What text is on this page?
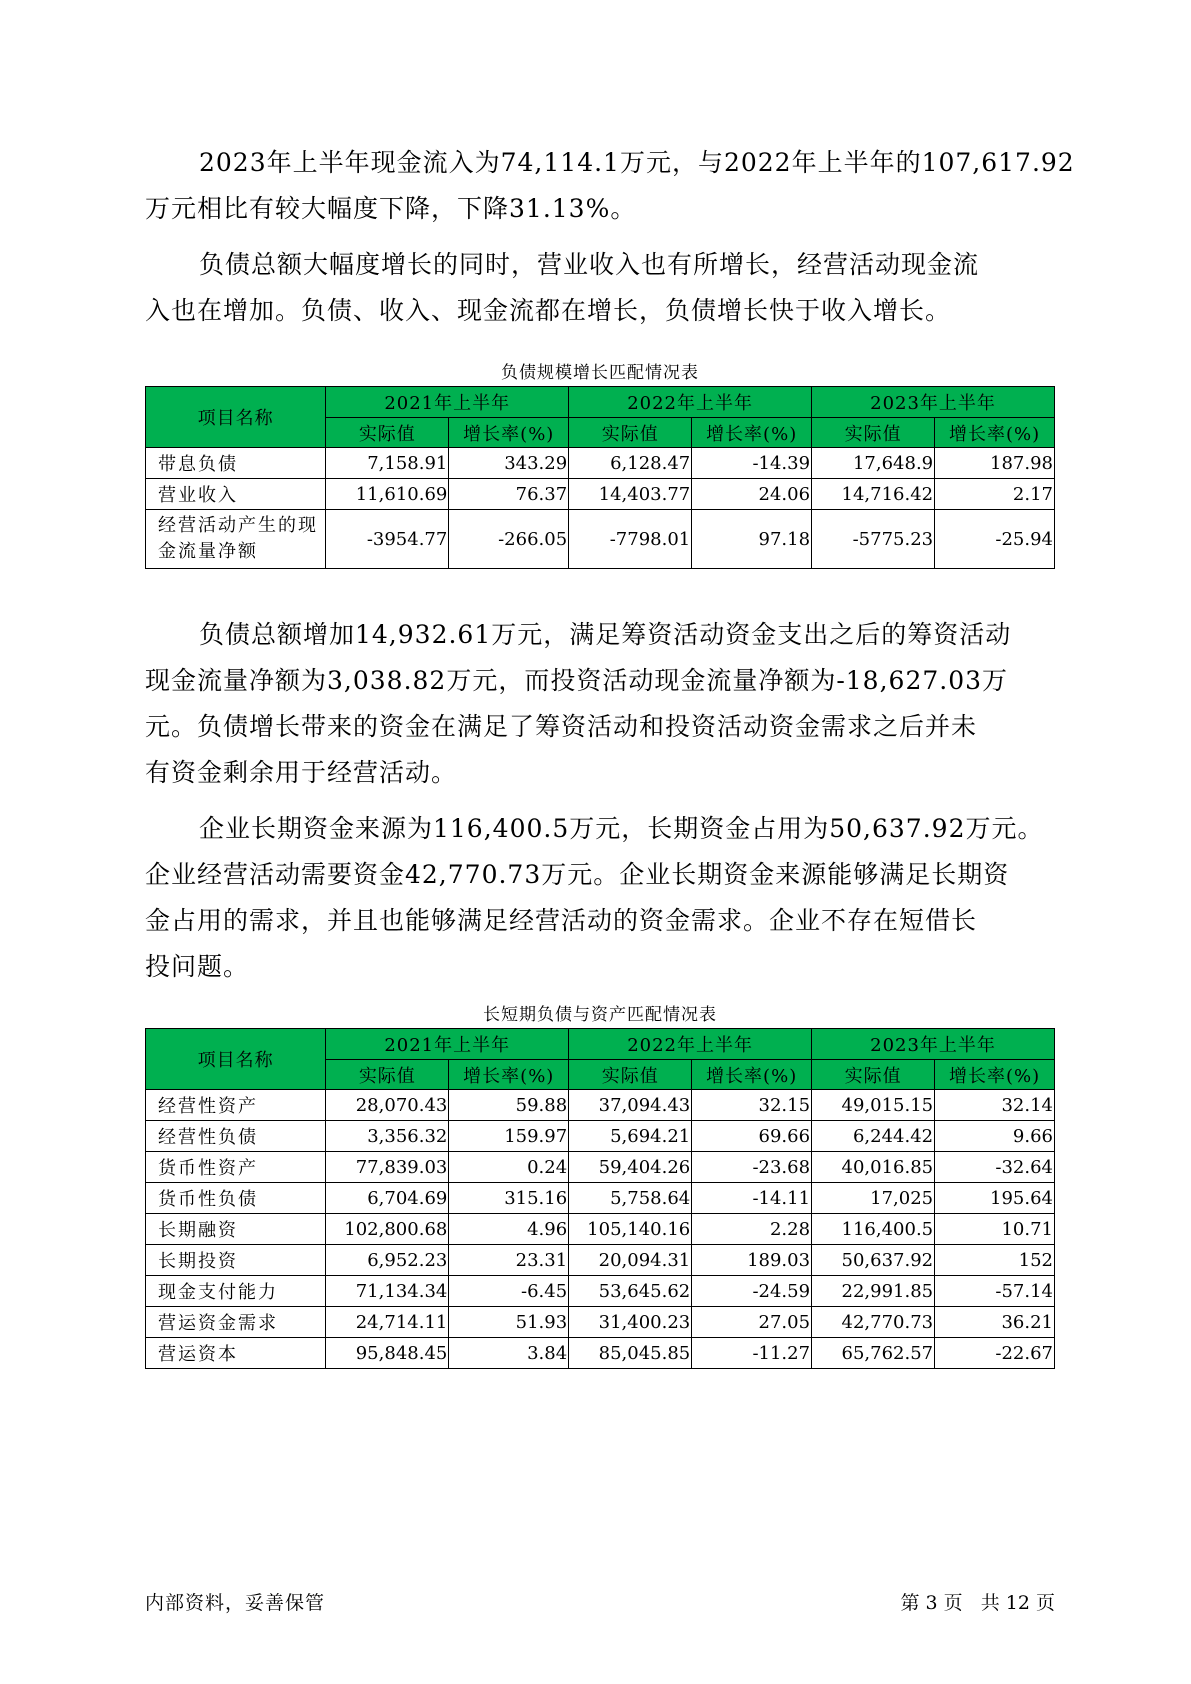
2023年上半年现金流入为74,114.1万元，与2022年上半年的107,617.92
万元相比有较大幅度下降，下降31.13%。
负债总额大幅度增长的同时，营业收入也有所增长，经营活动现金流
入也在增加。负债、收入、现金流都在增长，负债增长快于收入增长。
负债规模增长匹配情况表
项目名称	2021年上半年		2022年上半年		2023年上半年	
	实际值	增长率(%)	实际值	增长率(%)	实际值	增长率(%)
带息负债	7,158.91	343.29	6,128.47	-14.39	17,648.9	187.98
营业收入	11,610.69	76.37	14,403.77	24.06	14,716.42	2.17
经营活动产生的现金流量净额	-3954.77	-266.05	-7798.01	97.18	-5775.23	-25.94
负债总额增加14,932.61万元，满足筹资活动资金支出之后的筹资活动
现金流量净额为3,038.82万元，而投资活动现金流量净额为-18,627.03万
元。负债增长带来的资金在满足了筹资活动和投资活动资金需求之后并未
有资金剩余用于经营活动。
企业长期资金来源为116,400.5万元，长期资金占用为50,637.92万元。
企业经营活动需要资金42,770.73万元。企业长期资金来源能够满足长期资
金占用的需求，并且也能够满足经营活动的资金需求。企业不存在短借长
投问题。
长短期负债与资产匹配情况表
项目名称	2021年上半年		2022年上半年		2023年上半年	
	实际值	增长率(%)	实际值	增长率(%)	实际值	增长率(%)
经营性资产	28,070.43	59.88	37,094.43	32.15	49,015.15	32.14
经营性负债	3,356.32	159.97	5,694.21	69.66	6,244.42	9.66
货币性资产	77,839.03	0.24	59,404.26	-23.68	40,016.85	-32.64
货币性负债	6,704.69	315.16	5,758.64	-14.11	17,025	195.64
长期融资	102,800.68	4.96	105,140.16	2.28	116,400.5	10.71
长期投资	6,952.23	23.31	20,094.31	189.03	50,637.92	152
现金支付能力	71,134.34	-6.45	53,645.62	-24.59	22,991.85	-57.14
营运资金需求	24,714.11	51.93	31,400.23	27.05	42,770.73	36.21
营运资本	95,848.45	3.84	85,045.85	-11.27	65,762.57	-22.67
内部资料，妥善保管	第 3 页   共 12 页
